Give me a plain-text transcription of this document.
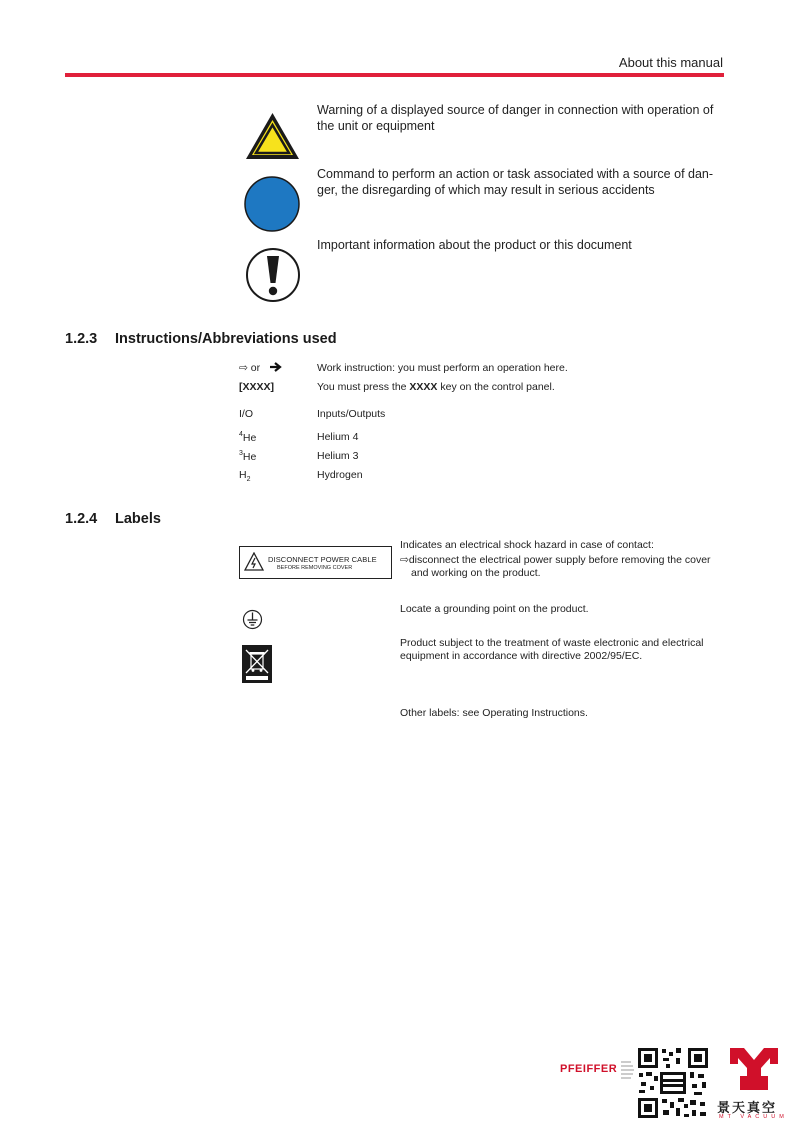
About this manual
Warning of a displayed source of danger in connection with operation of the unit or equipment
Command to perform an action or task associated with a source of dan-ger, the disregarding of which may result in serious accidents
Important information about the product or this document
1.2.3 Instructions/Abbreviations used
⇨ or	Work instruction: you must perform an operation here.
[XXXX]	You must press the XXXX key on the control panel.
I/O	Inputs/Outputs
$^4$He	Helium 4
$^3$He	Helium 3
$H_2$	Hydrogen
1.2.4 Labels
DISCONNECT POWER CABLE
BEFORE REMOVING COVER
Indicates an electrical shock hazard in case of contact:
⇨disconnect the electrical power supply before removing the cover
and working on the product.
Locate a grounding point on the product.
Product subject to the treatment of waste electronic and electrical equipment in accordance with directive 2002/95/EC.
Other labels: see Operating Instructions.
PFEIFFER
景天真空
MT VACUUM
